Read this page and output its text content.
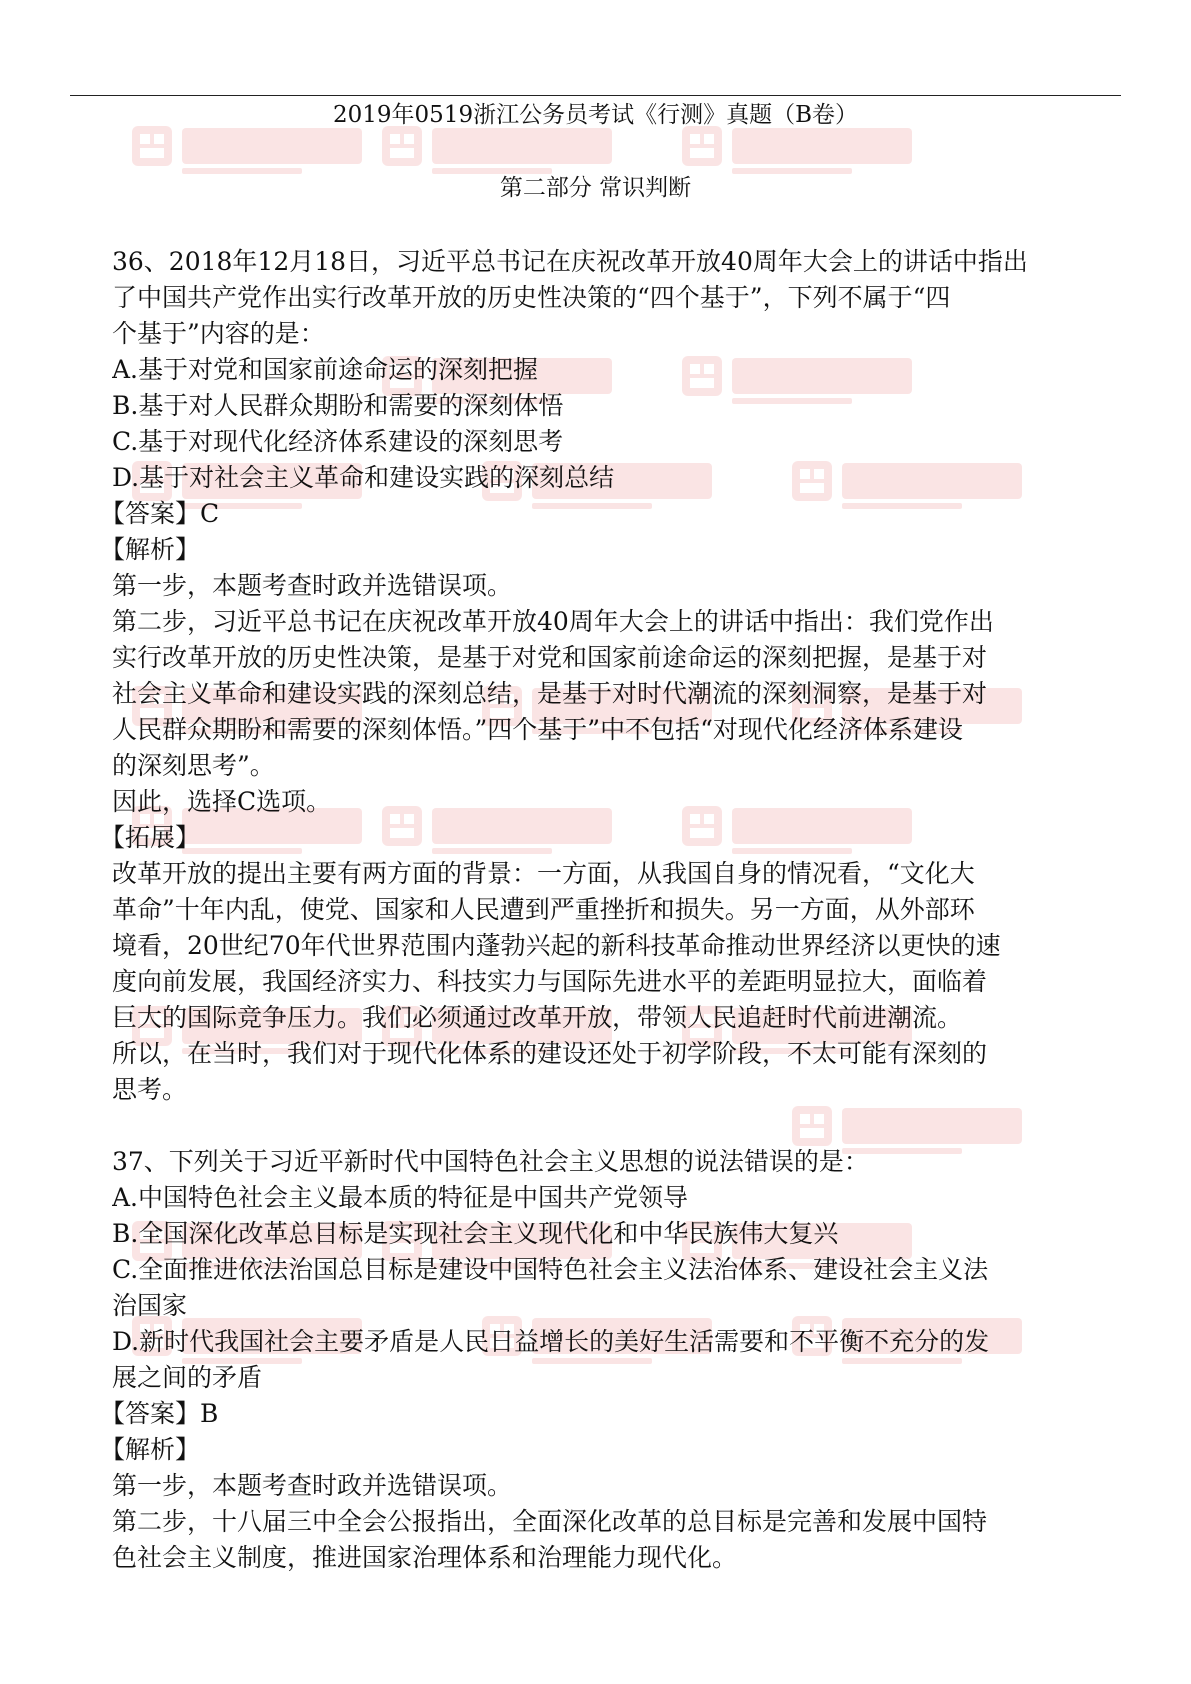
2019年0519浙江公务员考试《行测》真题（B卷）
第二部分 常识判断
36、2018年12月18日，习近平总书记在庆祝改革开放40周年大会上的讲话中指出
了中国共产党作出实行改革开放的历史性决策的“四个基于”，下列不属于“四
个基于”内容的是：
A.基于对党和国家前途命运的深刻把握
B.基于对人民群众期盼和需要的深刻体悟
C.基于对现代化经济体系建设的深刻思考
D.基于对社会主义革命和建设实践的深刻总结
【答案】C
【解析】
第一步，本题考查时政并选错误项。
第二步，习近平总书记在庆祝改革开放40周年大会上的讲话中指出：我们党作出
实行改革开放的历史性决策，是基于对党和国家前途命运的深刻把握，是基于对
社会主义革命和建设实践的深刻总结，是基于对时代潮流的深刻洞察，是基于对
人民群众期盼和需要的深刻体悟。”四个基于”中不包括“对现代化经济体系建设
的深刻思考”。
因此，选择C选项。
【拓展】
改革开放的提出主要有两方面的背景：一方面，从我国自身的情况看，“文化大
革命”十年内乱，使党、国家和人民遭到严重挫折和损失。另一方面，从外部环
境看，20世纪70年代世界范围内蓬勃兴起的新科技革命推动世界经济以更快的速
度向前发展，我国经济实力、科技实力与国际先进水平的差距明显拉大，面临着
巨大的国际竞争压力。我们必须通过改革开放，带领人民追赶时代前进潮流。
所以，在当时，我们对于现代化体系的建设还处于初学阶段，不太可能有深刻的
思考。
37、下列关于习近平新时代中国特色社会主义思想的说法错误的是：
A.中国特色社会主义最本质的特征是中国共产党领导
B.全国深化改革总目标是实现社会主义现代化和中华民族伟大复兴
C.全面推进依法治国总目标是建设中国特色社会主义法治体系、建设社会主义法
治国家
D.新时代我国社会主要矛盾是人民日益增长的美好生活需要和不平衡不充分的发
展之间的矛盾
【答案】B
【解析】
第一步，本题考查时政并选错误项。
第二步，十八届三中全会公报指出，全面深化改革的总目标是完善和发展中国特
色社会主义制度，推进国家治理体系和治理能力现代化。
